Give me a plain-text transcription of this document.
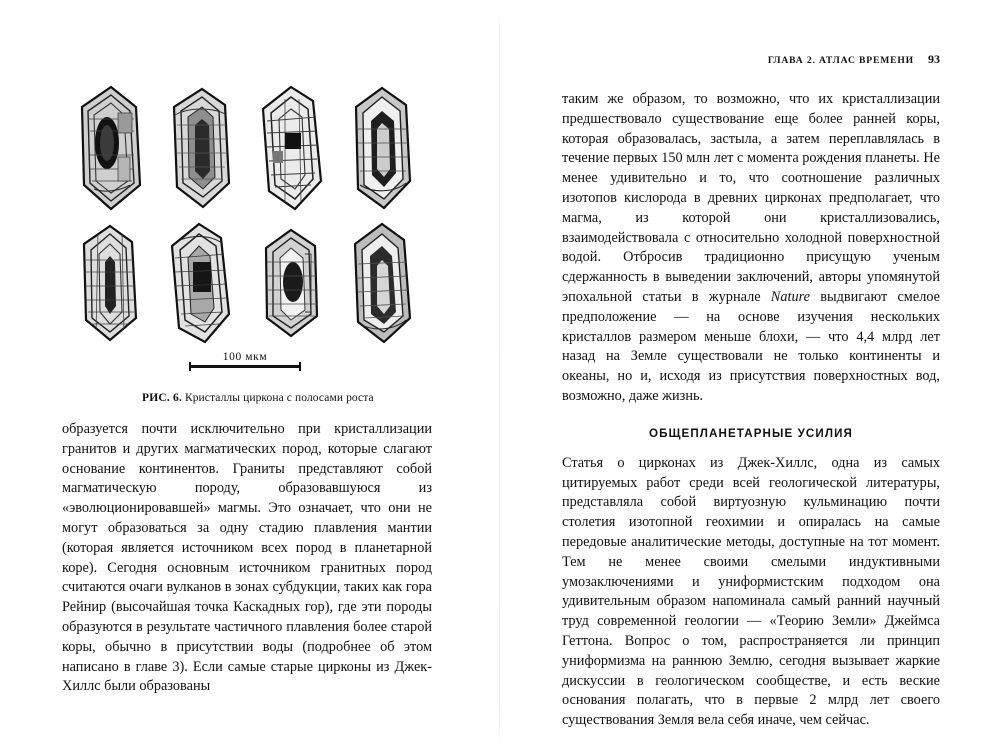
100 мкм
РИС. 6. Кристаллы циркона с полосами роста

образуется почти исключительно при кристаллизации гранитов и других магматических пород, которые слагают основание континентов. Граниты представляют собой магматическую породу, образовавшуюся из «эволюционировавшей» магмы. Это означает, что они не могут образоваться за одну стадию плавления мантии (которая является источником всех пород в планетарной коре). Сегодня основным источником гранитных пород считаются очаги вулканов в зонах субдукции, таких как гора Рейнир (высочайшая точка Каскадных гор), где эти породы образуются в результате частичного плавления более старой коры, обычно в присутствии воды (подробнее об этом написано в главе 3). Если самые старые цирконы из Джек-Хиллс были образованы

ГЛАВА 2. АТЛАС ВРЕМЕНИ 93

таким же образом, то возможно, что их кристаллизации предшествовало существование еще более ранней коры, которая образовалась, застыла, а затем переплавлялась в течение первых 150 млн лет с момента рождения планеты. Не менее удивительно и то, что соотношение различных изотопов кислорода в древних цирконах предполагает, что магма, из которой они кристаллизовались, взаимодействовала с относительно холодной поверхностной водой. Отбросив традиционно присущую ученым сдержанность в выведении заключений, авторы упомянутой эпохальной статьи в журнале Nature выдвигают смелое предположение — на основе изучения нескольких кристаллов размером меньше блохи, — что 4,4 млрд лет назад на Земле существовали не только континенты и океаны, но и, исходя из присутствия поверхностных вод, возможно, даже жизнь.

ОБЩЕПЛАНЕТАРНЫЕ УСИЛИЯ

Статья о цирконах из Джек-Хиллс, одна из самых цитируемых работ среди всей геологической литературы, представляла собой виртуозную кульминацию почти столетия изотопной геохимии и опиралась на самые передовые аналитические методы, доступные на тот момент. Тем не менее своими смелыми индуктивными умозаключениями и униформистским подходом она удивительным образом напоминала самый ранний научный труд современной геологии — «Теорию Земли» Джеймса Геттона. Вопрос о том, распространяется ли принцип униформизма на раннюю Землю, сегодня вызывает жаркие дискуссии в геологическом сообществе, и есть веские основания полагать, что в первые 2 млрд лет своего существования Земля вела себя иначе, чем сейчас.
